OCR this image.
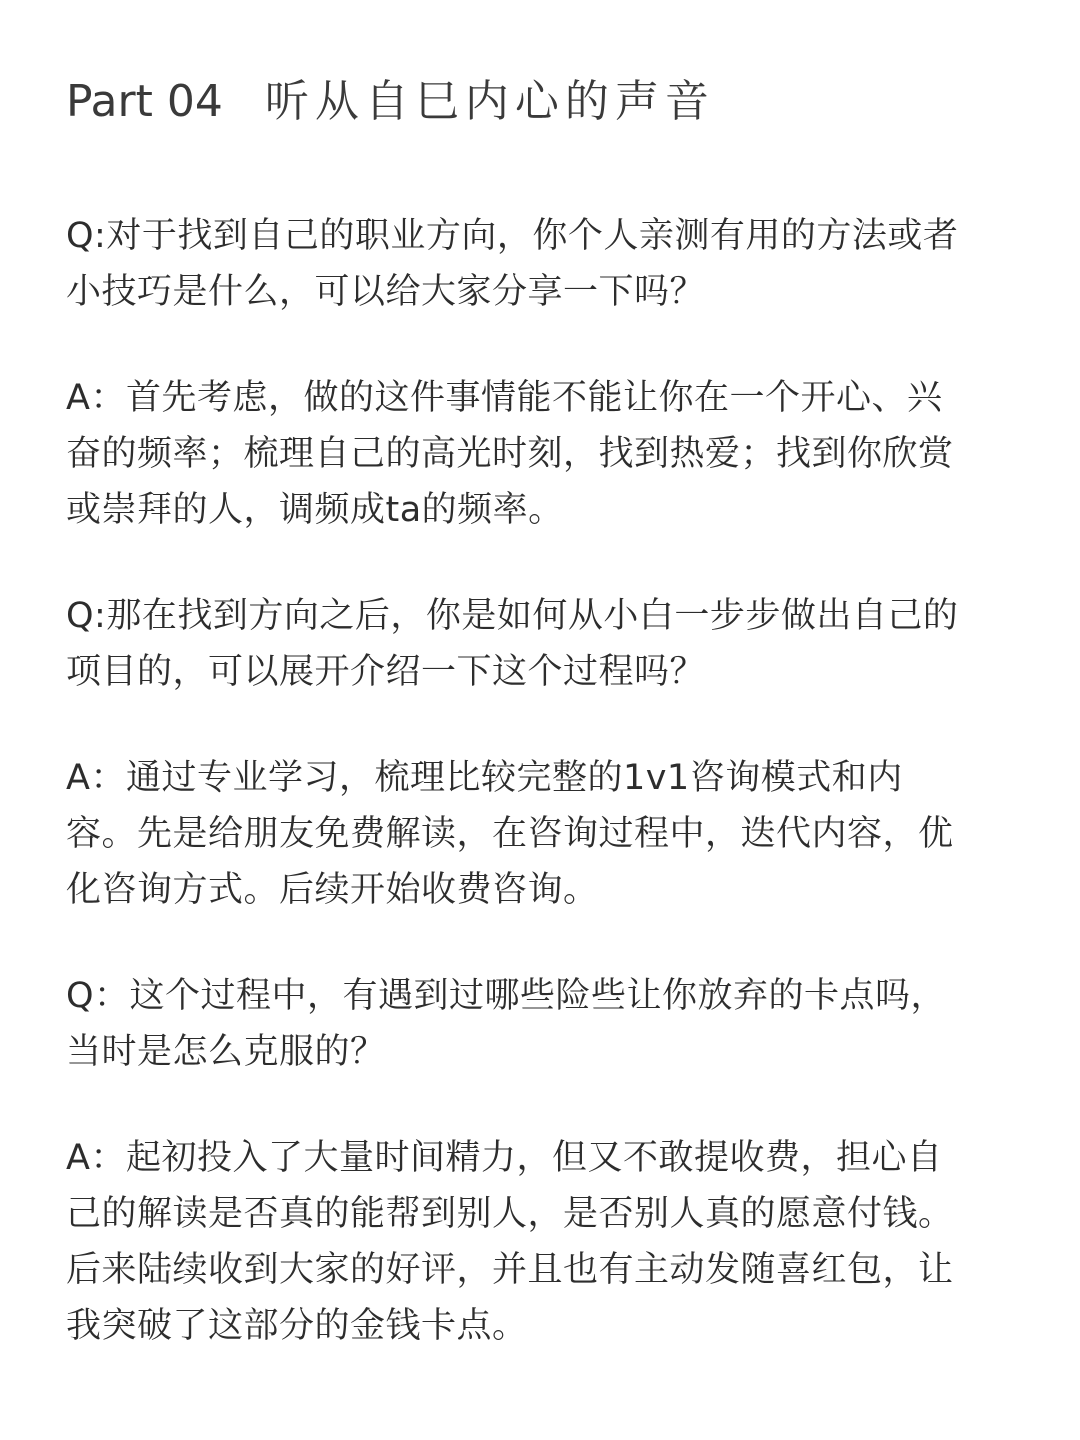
Part 04 听从自巳内心的声音

Q:对于找到自己的职业方向，你个人亲测有用的方法或者
小技巧是什么，可以给大家分享一下吗？

A：首先考虑，做的这件事情能不能让你在一个开心、兴
奋的频率；梳理自己的高光时刻，找到热爱；找到你欣赏
或崇拜的人，调频成ta的频率。

Q:那在找到方向之后，你是如何从小白一步步做出自己的
项目的，可以展开介绍一下这个过程吗？

A：通过专业学习，梳理比较完整的1v1咨询模式和内
容。先是给朋友免费解读，在咨询过程中，迭代内容，优
化咨询方式。后续开始收费咨询。

Q：这个过程中，有遇到过哪些险些让你放弃的卡点吗，
当时是怎么克服的？

A：起初投入了大量时间精力，但又不敢提收费，担心自
己的解读是否真的能帮到别人，是否别人真的愿意付钱。
后来陆续收到大家的好评，并且也有主动发随喜红包，让
我突破了这部分的金钱卡点。
